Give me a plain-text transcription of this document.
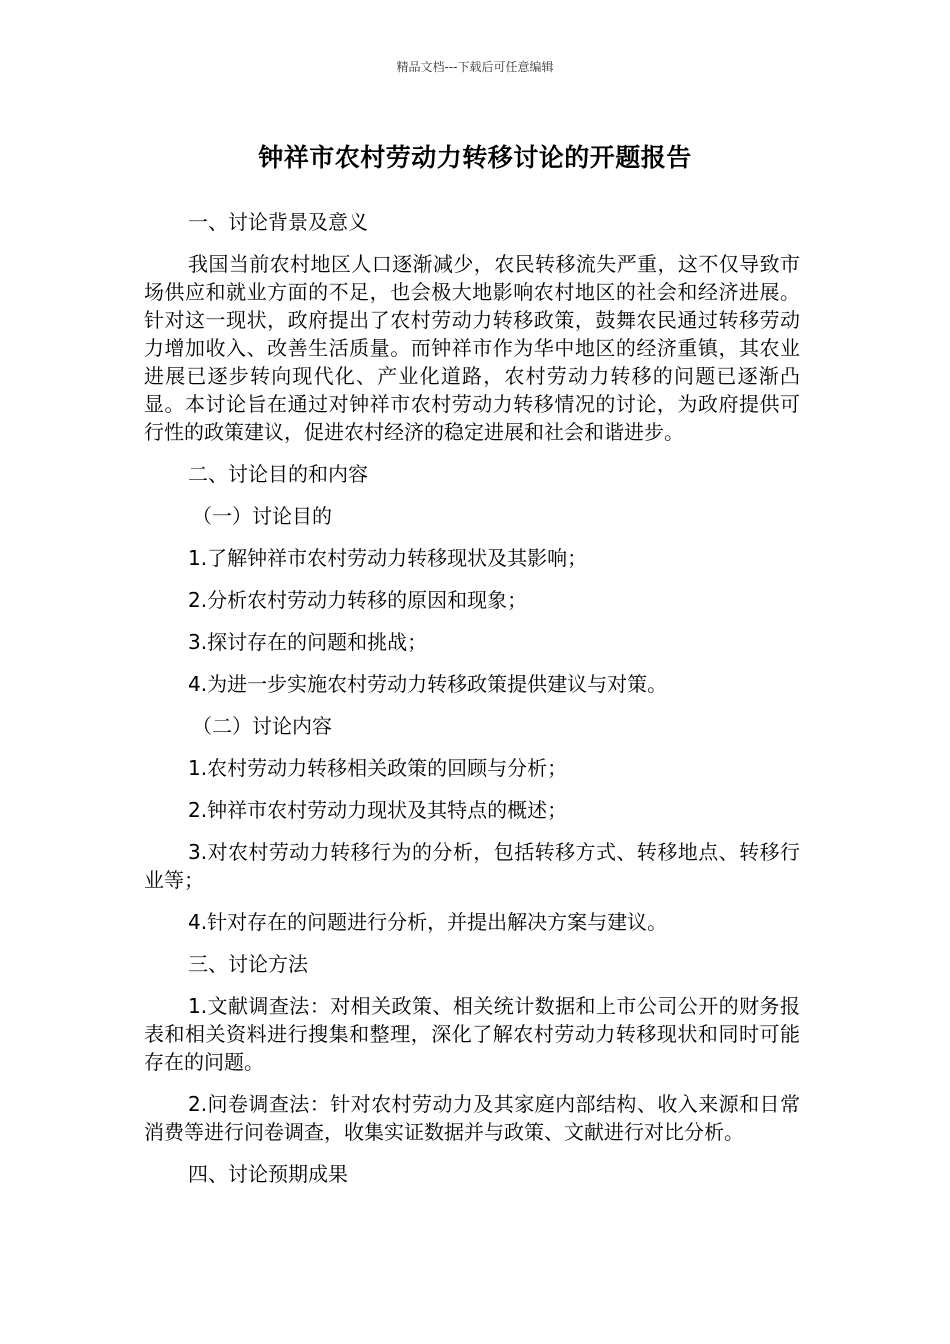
精品文档---下载后可任意编辑
钟祥市农村劳动力转移讨论的开题报告

一、讨论背景及意义

我国当前农村地区人口逐渐减少，农民转移流失严重，这不仅导致市场供应和就业方面的不足，也会极大地影响农村地区的社会和经济进展。针对这一现状，政府提出了农村劳动力转移政策，鼓舞农民通过转移劳动力增加收入、改善生活质量。而钟祥市作为华中地区的经济重镇，其农业进展已逐步转向现代化、产业化道路，农村劳动力转移的问题已逐渐凸显。本讨论旨在通过对钟祥市农村劳动力转移情况的讨论，为政府提供可行性的政策建议，促进农村经济的稳定进展和社会和谐进步。

二、讨论目的和内容

（一）讨论目的

1.了解钟祥市农村劳动力转移现状及其影响；

2.分析农村劳动力转移的原因和现象；

3.探讨存在的问题和挑战；

4.为进一步实施农村劳动力转移政策提供建议与对策。

（二）讨论内容

1.农村劳动力转移相关政策的回顾与分析；

2.钟祥市农村劳动力现状及其特点的概述；

3.对农村劳动力转移行为的分析，包括转移方式、转移地点、转移行业等；

4.针对存在的问题进行分析，并提出解决方案与建议。

三、讨论方法

1.文献调查法：对相关政策、相关统计数据和上市公司公开的财务报表和相关资料进行搜集和整理，深化了解农村劳动力转移现状和同时可能存在的问题。

2.问卷调查法：针对农村劳动力及其家庭内部结构、收入来源和日常消费等进行问卷调查，收集实证数据并与政策、文献进行对比分析。

四、讨论预期成果
